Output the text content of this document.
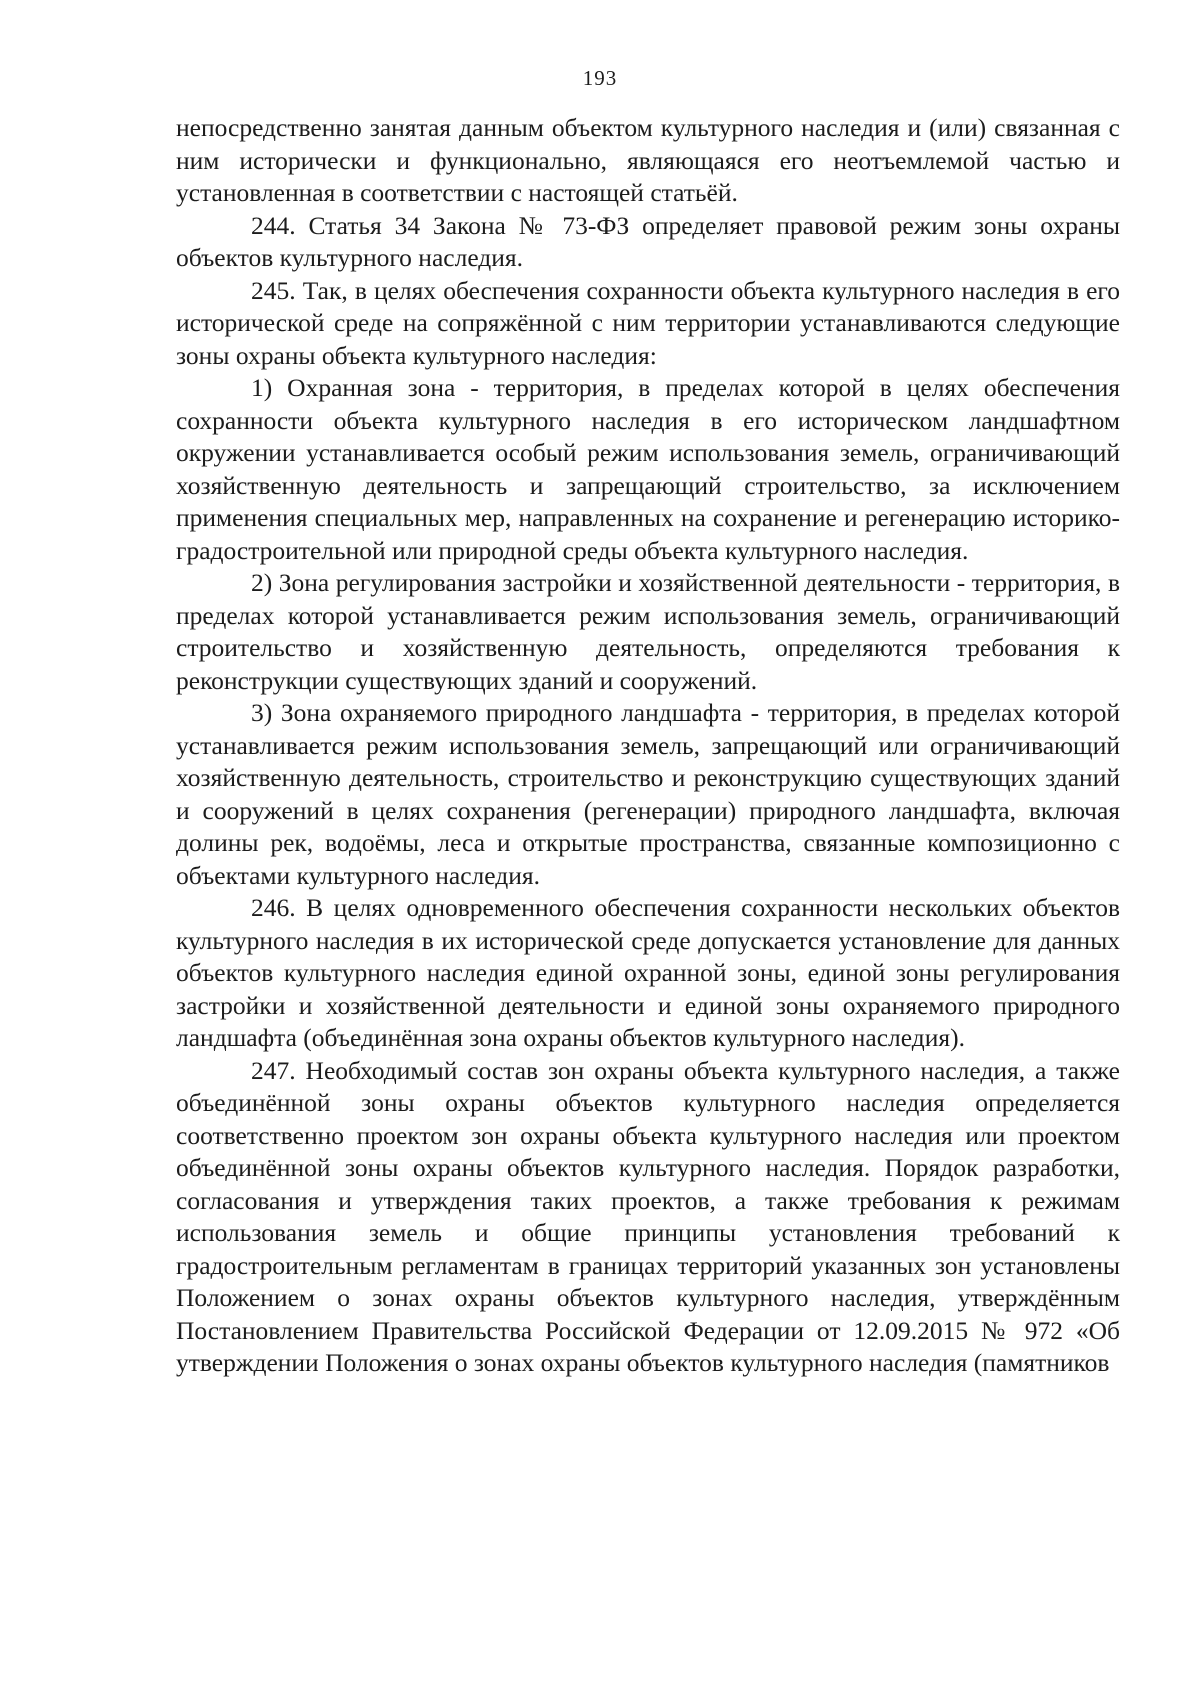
193

непосредственно занятая данным объектом культурного наследия и (или) связанная с ним исторически и функционально, являющаяся его неотъемлемой частью и установленная в соответствии с настоящей статьёй.

244. Статья 34 Закона № 73-ФЗ определяет правовой режим зоны охраны объектов культурного наследия.

245. Так, в целях обеспечения сохранности объекта культурного наследия в его исторической среде на сопряжённой с ним территории устанавливаются следующие зоны охраны объекта культурного наследия:

1) Охранная зона - территория, в пределах которой в целях обеспечения сохранности объекта культурного наследия в его историческом ландшафтном окружении устанавливается особый режим использования земель, ограничивающий хозяйственную деятельность и запрещающий строительство, за исключением применения специальных мер, направленных на сохранение и регенерацию историко-градостроительной или природной среды объекта культурного наследия.

2) Зона регулирования застройки и хозяйственной деятельности - территория, в пределах которой устанавливается режим использования земель, ограничивающий строительство и хозяйственную деятельность, определяются требования к реконструкции существующих зданий и сооружений.

3) Зона охраняемого природного ландшафта - территория, в пределах которой устанавливается режим использования земель, запрещающий или ограничивающий хозяйственную деятельность, строительство и реконструкцию существующих зданий и сооружений в целях сохранения (регенерации) природного ландшафта, включая долины рек, водоёмы, леса и открытые пространства, связанные композиционно с объектами культурного наследия.

246. В целях одновременного обеспечения сохранности нескольких объектов культурного наследия в их исторической среде допускается установление для данных объектов культурного наследия единой охранной зоны, единой зоны регулирования застройки и хозяйственной деятельности и единой зоны охраняемого природного ландшафта (объединённая зона охраны объектов культурного наследия).

247. Необходимый состав зон охраны объекта культурного наследия, а также объединённой зоны охраны объектов культурного наследия определяется соответственно проектом зон охраны объекта культурного наследия или проектом объединённой зоны охраны объектов культурного наследия. Порядок разработки, согласования и утверждения таких проектов, а также требования к режимам использования земель и общие принципы установления требований к градостроительным регламентам в границах территорий указанных зон установлены Положением о зонах охраны объектов культурного наследия, утверждённым Постановлением Правительства Российской Федерации от 12.09.2015 № 972 «Об утверждении Положения о зонах охраны объектов культурного наследия (памятников
